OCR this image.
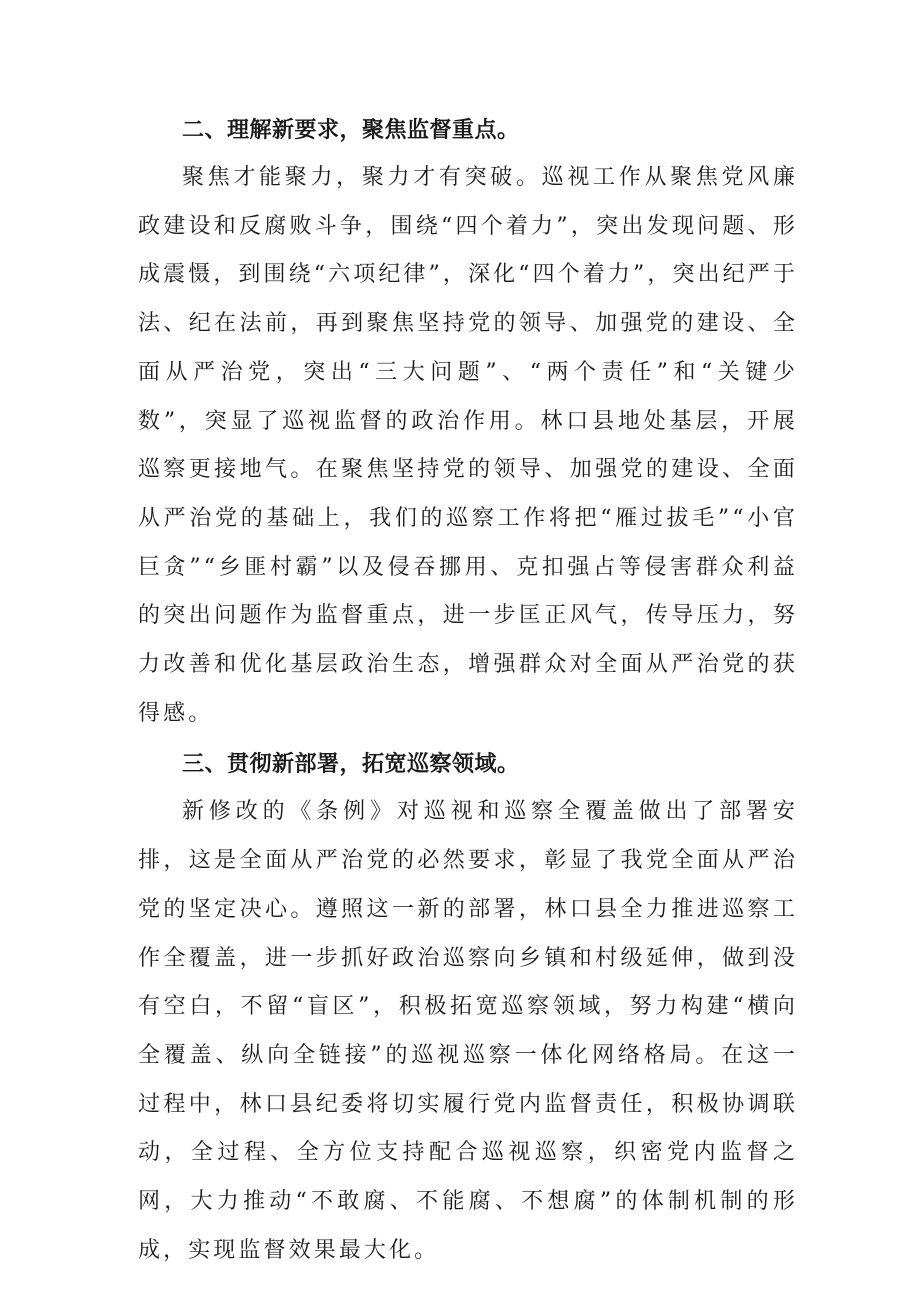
二、理解新要求，聚焦监督重点。

聚焦才能聚力，聚力才有突破。巡视工作从聚焦党风廉政建设和反腐败斗争，围绕“四个着力”，突出发现问题、形成震慑，到围绕“六项纪律”，深化“四个着力”，突出纪严于法、纪在法前，再到聚焦坚持党的领导、加强党的建设、全面从严治党，突出“三大问题”、“两个责任”和“关键少数”，突显了巡视监督的政治作用。林口县地处基层，开展巡察更接地气。在聚焦坚持党的领导、加强党的建设、全面从严治党的基础上，我们的巡察工作将把“雁过拔毛”“小官巨贪”“乡匪村霸”以及侵吞挪用、克扣强占等侵害群众利益的突出问题作为监督重点，进一步匡正风气，传导压力，努力改善和优化基层政治生态，增强群众对全面从严治党的获得感。

三、贯彻新部署，拓宽巡察领域。

新修改的《条例》对巡视和巡察全覆盖做出了部署安排，这是全面从严治党的必然要求，彰显了我党全面从严治党的坚定决心。遵照这一新的部署，林口县全力推进巡察工作全覆盖，进一步抓好政治巡察向乡镇和村级延伸，做到没有空白，不留“盲区”，积极拓宽巡察领域，努力构建“横向全覆盖、纵向全链接”的巡视巡察一体化网络格局。在这一过程中，林口县纪委将切实履行党内监督责任，积极协调联动，全过程、全方位支持配合巡视巡察，织密党内监督之网，大力推动“不敢腐、不能腐、不想腐”的体制机制的形成，实现监督效果最大化。
